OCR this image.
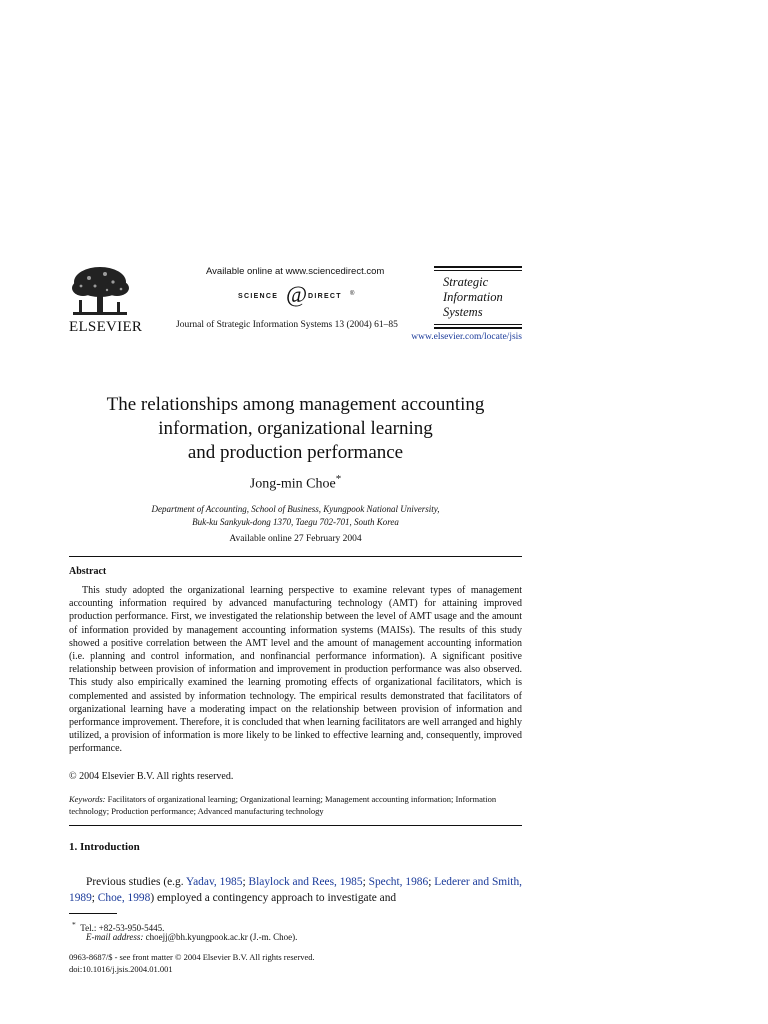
ELSEVIER
Available online at www.sciencedirect.com
SCIENCE @ DIRECT ®
Journal of Strategic Information Systems 13 (2004) 61–85
Strategic
Information
Systems
www.elsevier.com/locate/jsis
The relationships among management accounting
information, organizational learning
and production performance
Jong-min Choe*
Department of Accounting, School of Business, Kyungpook National University,
Buk-ku Sankyuk-dong 1370, Taegu 702-701, South Korea
Available online 27 February 2004
Abstract
This study adopted the organizational learning perspective to examine relevant types of management accounting information required by advanced manufacturing technology (AMT) for attaining improved production performance. First, we investigated the relationship between the level of AMT usage and the amount of information provided by management accounting information systems (MAISs). The results of this study showed a positive correlation between the AMT level and the amount of management accounting information (i.e. planning and control information, and nonfinancial performance information). A significant positive relationship between provision of information and improvement in production performance was also observed. This study also empirically examined the learning promoting effects of organizational facilitators, which is complemented and assisted by information technology. The empirical results demonstrated that facilitators of organizational learning have a moderating impact on the relationship between provision of information and performance improvement. Therefore, it is concluded that when learning facilitators are well arranged and highly utilized, a provision of information is more likely to be linked to effective learning and, consequently, improved performance.
© 2004 Elsevier B.V. All rights reserved.
Keywords: Facilitators of organizational learning; Organizational learning; Management accounting information; Information technology; Production performance; Advanced manufacturing technology
1. Introduction
Previous studies (e.g. Yadav, 1985; Blaylock and Rees, 1985; Specht, 1986; Lederer and Smith, 1989; Choe, 1998) employed a contingency approach to investigate and
* Tel.: +82-53-950-5445.
E-mail address: choejj@bh.kyungpook.ac.kr (J.-m. Choe).
0963-8687/$ - see front matter © 2004 Elsevier B.V. All rights reserved.
doi:10.1016/j.jsis.2004.01.001
